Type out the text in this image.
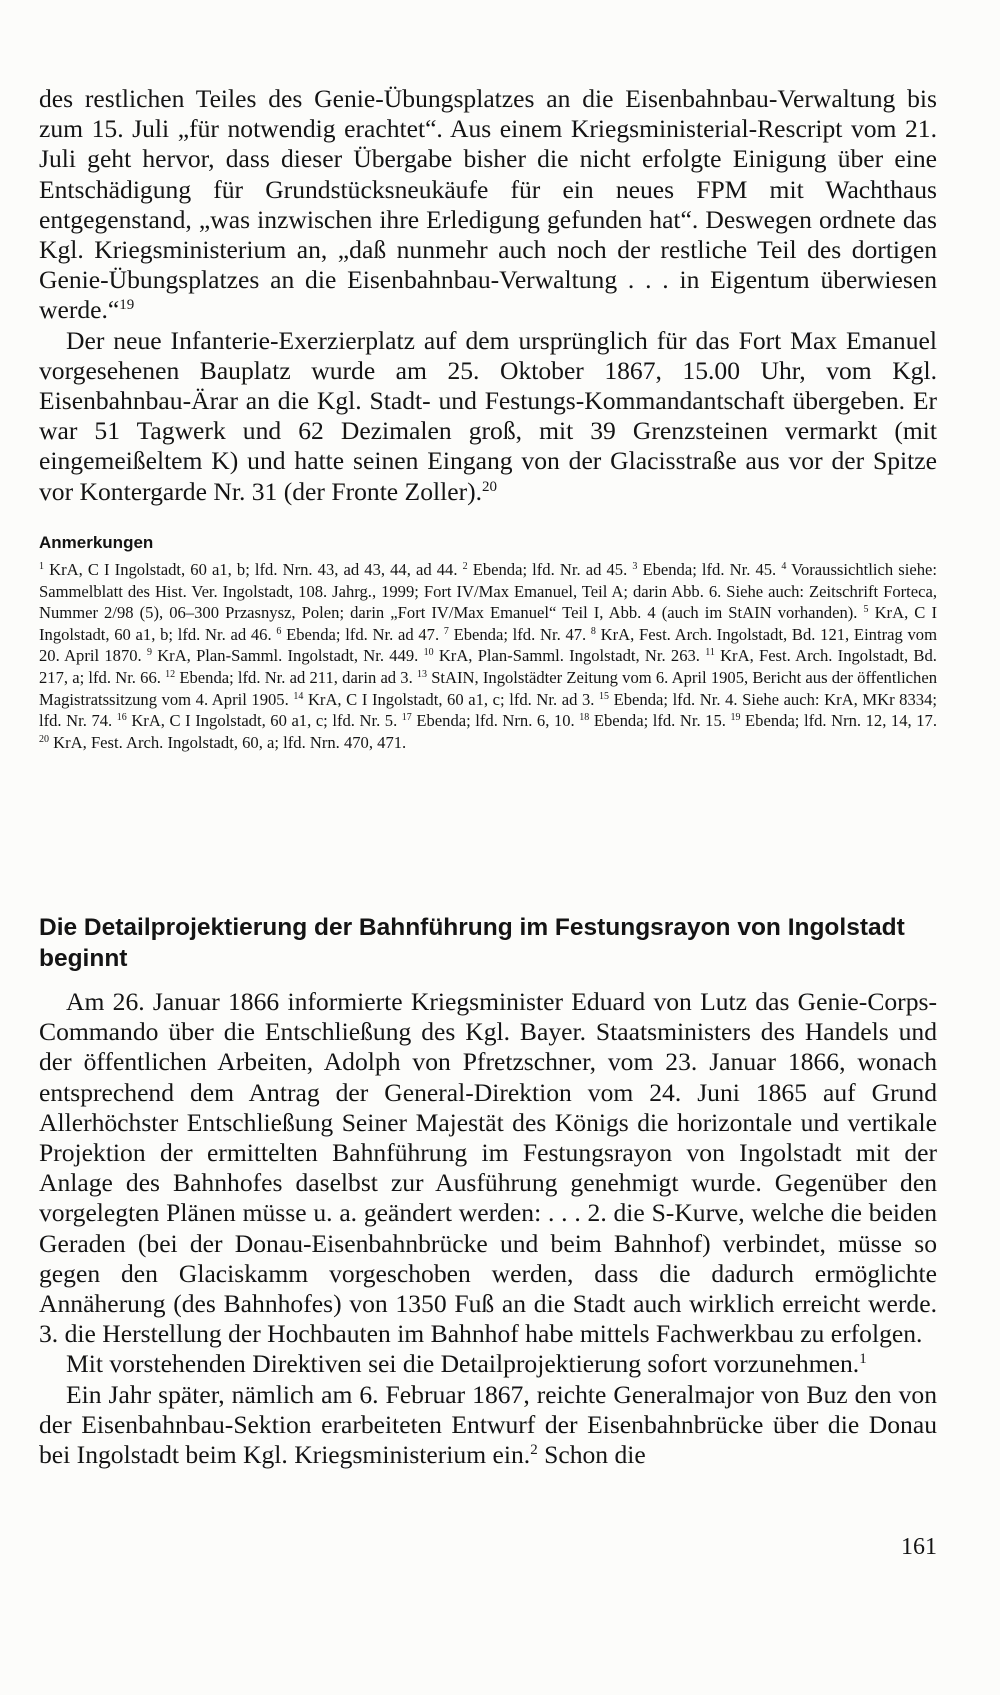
des restlichen Teiles des Genie-Übungsplatzes an die Eisenbahnbau-Verwaltung bis zum 15. Juli „für notwendig erachtet“. Aus einem Kriegsministerial-Rescript vom 21. Juli geht hervor, dass dieser Übergabe bisher die nicht erfolgte Einigung über eine Entschädigung für Grundstücksneukäufe für ein neues FPM mit Wachthaus entgegenstand, „was inzwischen ihre Erledigung gefunden hat“. Deswegen ordnete das Kgl. Kriegsministerium an, „daß nunmehr auch noch der restliche Teil des dortigen Genie-Übungsplatzes an die Eisenbahnbau-Verwaltung . . . in Eigentum überwiesen werde.“$^{19}$

Der neue Infanterie-Exerzierplatz auf dem ursprünglich für das Fort Max Emanuel vorgesehenen Bauplatz wurde am 25. Oktober 1867, 15.00 Uhr, vom Kgl. Eisenbahnbau-Ärar an die Kgl. Stadt- und Festungs-Kommandantschaft übergeben. Er war 51 Tagwerk und 62 Dezimalen groß, mit 39 Grenzsteinen vermarkt (mit eingemeißeltem K) und hatte seinen Eingang von der Glacisstraße aus vor der Spitze vor Kontergarde Nr. 31 (der Fronte Zoller).$^{20}$

Anmerkungen

$^1$ KrA, C I Ingolstadt, 60 a1, b; lfd. Nrn. 43, ad 43, 44, ad 44. $^2$ Ebenda; lfd. Nr. ad 45. $^3$ Ebenda; lfd. Nr. 45. $^4$ Voraussichtlich siehe: Sammelblatt des Hist. Ver. Ingolstadt, 108. Jahrg., 1999; Fort IV/Max Emanuel, Teil A; darin Abb. 6. Siehe auch: Zeitschrift Forteca, Nummer 2/98 (5), 06–300 Przasnysz, Polen; darin „Fort IV/Max Emanuel“ Teil I, Abb. 4 (auch im StAIN vorhanden). $^5$ KrA, C I Ingolstadt, 60 a1, b; lfd. Nr. ad 46. $^6$ Ebenda; lfd. Nr. ad 47. $^7$ Ebenda; lfd. Nr. 47. $^8$ KrA, Fest. Arch. Ingolstadt, Bd. 121, Eintrag vom 20. April 1870. $^9$ KrA, Plan-Samml. Ingolstadt, Nr. 449. $^{10}$ KrA, Plan-Samml. Ingolstadt, Nr. 263. $^{11}$ KrA, Fest. Arch. Ingolstadt, Bd. 217, a; lfd. Nr. 66. $^{12}$ Ebenda; lfd. Nr. ad 211, darin ad 3. $^{13}$ StAIN, Ingolstädter Zeitung vom 6. April 1905, Bericht aus der öffentlichen Magistratssitzung vom 4. April 1905. $^{14}$ KrA, C I Ingolstadt, 60 a1, c; lfd. Nr. ad 3. $^{15}$ Ebenda; lfd. Nr. 4. Siehe auch: KrA, MKr 8334; lfd. Nr. 74. $^{16}$ KrA, C I Ingolstadt, 60 a1, c; lfd. Nr. 5. $^{17}$ Ebenda; lfd. Nrn. 6, 10. $^{18}$ Ebenda; lfd. Nr. 15. $^{19}$ Ebenda; lfd. Nrn. 12, 14, 17. $^{20}$ KrA, Fest. Arch. Ingolstadt, 60, a; lfd. Nrn. 470, 471.

Die Detailprojektierung der Bahnführung im Festungsrayon von Ingolstadt beginnt

Am 26. Januar 1866 informierte Kriegsminister Eduard von Lutz das Genie-Corps-Commando über die Entschließung des Kgl. Bayer. Staatsministers des Handels und der öffentlichen Arbeiten, Adolph von Pfretzschner, vom 23. Januar 1866, wonach entsprechend dem Antrag der General-Direktion vom 24. Juni 1865 auf Grund Allerhöchster Entschließung Seiner Majestät des Königs die horizontale und vertikale Projektion der ermittelten Bahnführung im Festungsrayon von Ingolstadt mit der Anlage des Bahnhofes daselbst zur Ausführung genehmigt wurde. Gegenüber den vorgelegten Plänen müsse u. a. geändert werden: . . . 2. die S-Kurve, welche die beiden Geraden (bei der Donau-Eisenbahnbrücke und beim Bahnhof) verbindet, müsse so gegen den Glaciskamm vorgeschoben werden, dass die dadurch ermöglichte Annäherung (des Bahnhofes) von 1350 Fuß an die Stadt auch wirklich erreicht werde. 3. die Herstellung der Hochbauten im Bahnhof habe mittels Fachwerkbau zu erfolgen.

Mit vorstehenden Direktiven sei die Detailprojektierung sofort vorzunehmen.$^1$

Ein Jahr später, nämlich am 6. Februar 1867, reichte Generalmajor von Buz den von der Eisenbahnbau-Sektion erarbeiteten Entwurf der Eisenbahnbrücke über die Donau bei Ingolstadt beim Kgl. Kriegsministerium ein.$^2$ Schon die

161
